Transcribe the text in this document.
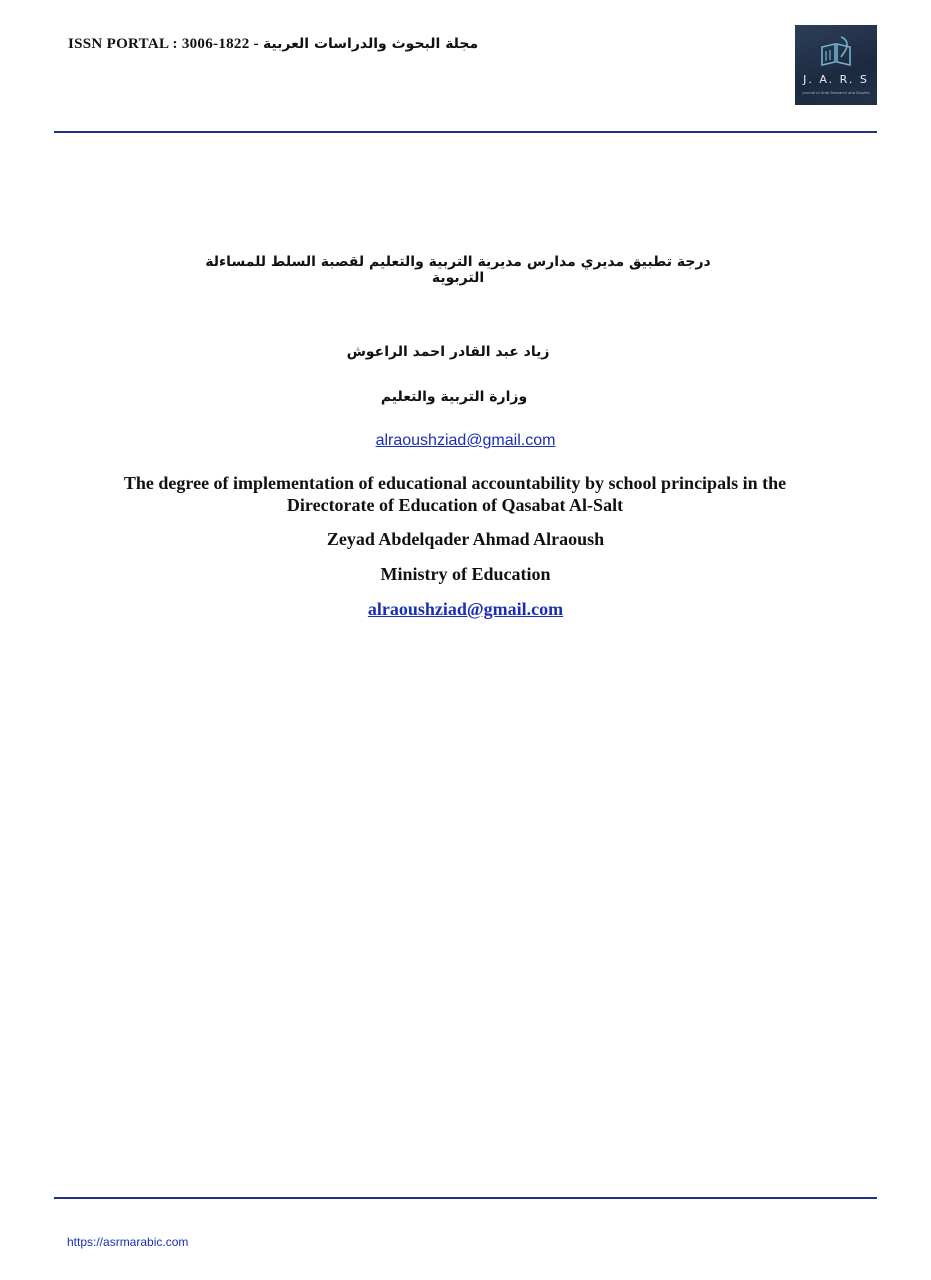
ISSN PORTAL : 3006-1822 - مجلة البحوث والدراسات العربية
J. A. R. S
Journal of Arab Research and Studies
درجة تطبيق مديري مدارس مديرية التربية والتعليم لقصبة السلط للمساءلة التربوية
زياد عبد القادر احمد الراعوش
وزارة التربية والتعليم
alraoushziad@gmail.com
The degree of implementation of educational accountability by school principals in the Directorate of Education of Qasabat Al-Salt
Zeyad Abdelqader Ahmad Alraoush
Ministry of Education
alraoushziad@gmail.com
https://asrmarabic.com
